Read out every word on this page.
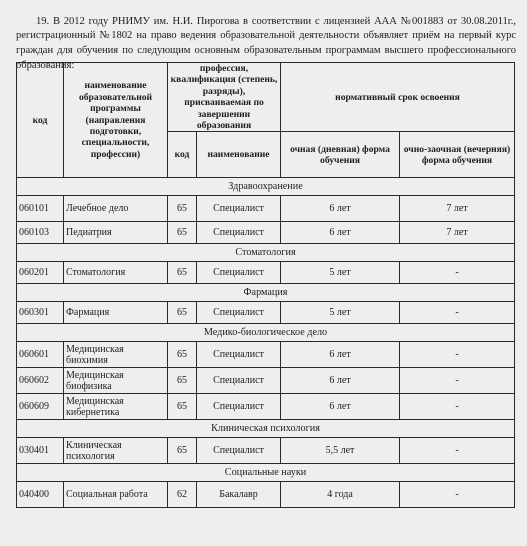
19. В 2012 году РНИМУ им. Н.И. Пирогова в соответствии с лицензией ААА №001883 от 30.08.2011г., регистрационный №1802 на право ведения образовательной деятельности объявляет приём на первый курс граждан для обучения по следующим основным образовательным программам высшего профессионального образования:

код	наименование образовательной программы (направления подготовки, специальности, профессии)	профессия, квалификация (степень, разряды), присваиваемая по завершении образования		нормативный срок освоения	
		код	наименование	очная (дневная) форма обучения	очно-заочная (вечерняя) форма обучения
Здравоохранение					
060101	Лечебное дело	65	Специалист	6 лет	7 лет
060103	Педиатрия	65	Специалист	6 лет	7 лет
Стоматология					
060201	Стоматология	65	Специалист	5 лет	-
Фармация					
060301	Фармация	65	Специалист	5 лет	-
Медико-биологическое дело					
060601	Медицинская биохимия	65	Специалист	6 лет	-
060602	Медицинская биофизика	65	Специалист	6 лет	-
060609	Медицинская кибернетика	65	Специалист	6 лет	-
Клиническая психология					
030401	Клиническая психология	65	Специалист	5,5 лет	-
Социальные науки					
040400	Социальная работа	62	Бакалавр	4 года	-
